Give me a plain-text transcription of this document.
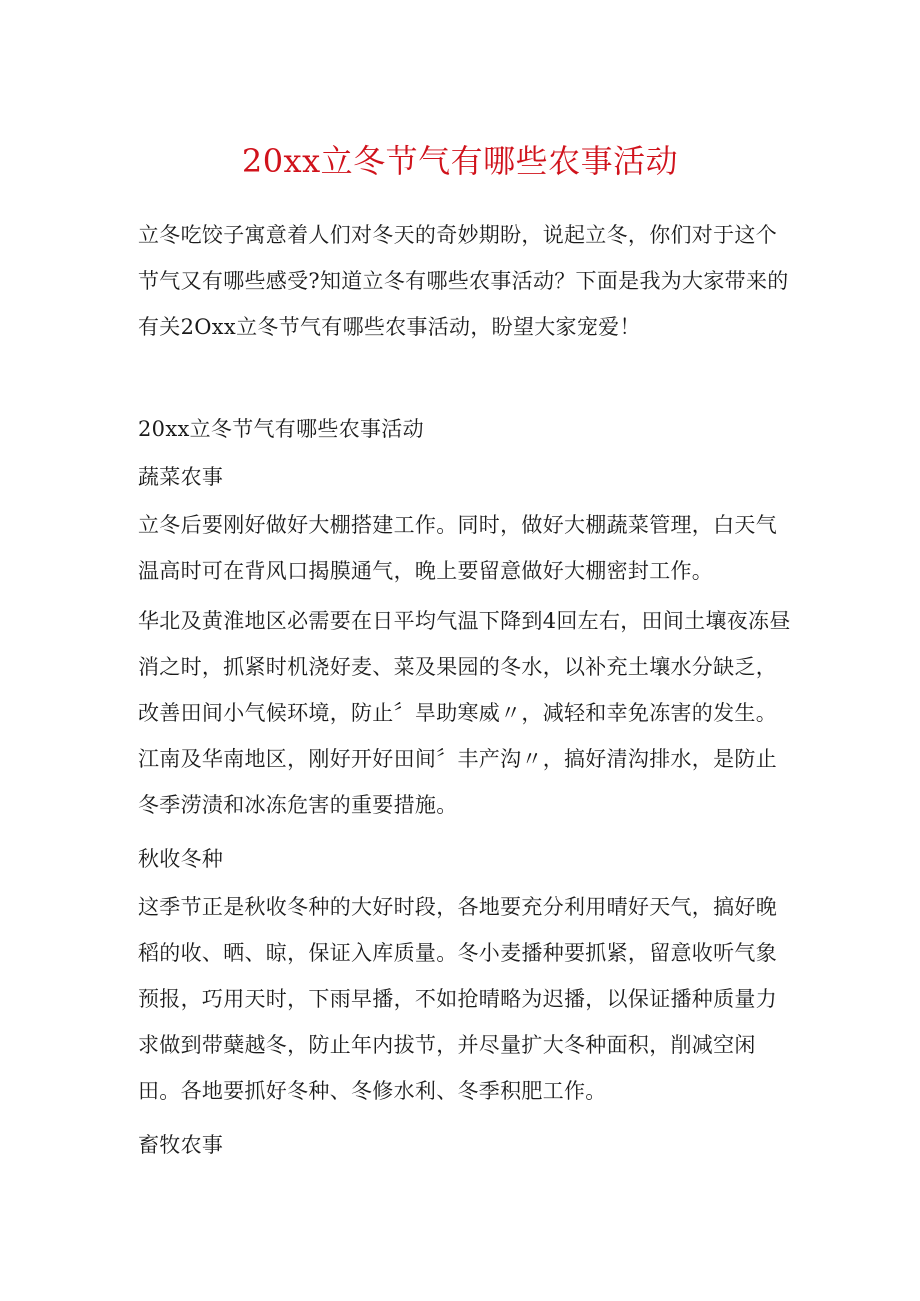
20xx立冬节气有哪些农事活动

立冬吃饺子寓意着人们对冬天的奇妙期盼，说起立冬，你们对于这个节气又有哪些感受?知道立冬有哪些农事活动？下面是我为大家带来的有关2Oxx立冬节气有哪些农事活动，盼望大家宠爱！

20xx立冬节气有哪些农事活动

蔬菜农事

立冬后要刚好做好大棚搭建工作。同时，做好大棚蔬菜管理，白天气温高时可在背风口揭膜通气，晚上要留意做好大棚密封工作。

华北及黄淮地区必需要在日平均气温下降到4回左右，田间土壤夜冻昼消之时，抓紧时机浇好麦、菜及果园的冬水，以补充土壤水分缺乏，改善田间小气候环境，防止〞旱助寒威〃，减轻和幸免冻害的发生。江南及华南地区，刚好开好田间〞丰产沟〃，搞好清沟排水，是防止冬季涝渍和冰冻危害的重要措施。

秋收冬种

这季节正是秋收冬种的大好时段，各地要充分利用晴好天气，搞好晚稻的收、晒、晾，保证入库质量。冬小麦播种要抓紧，留意收听气象预报，巧用天时，下雨早播，不如抢晴略为迟播，以保证播种质量力求做到带蘖越冬，防止年内拔节，并尽量扩大冬种面积，削减空闲田。各地要抓好冬种、冬修水利、冬季积肥工作。

畜牧农事
